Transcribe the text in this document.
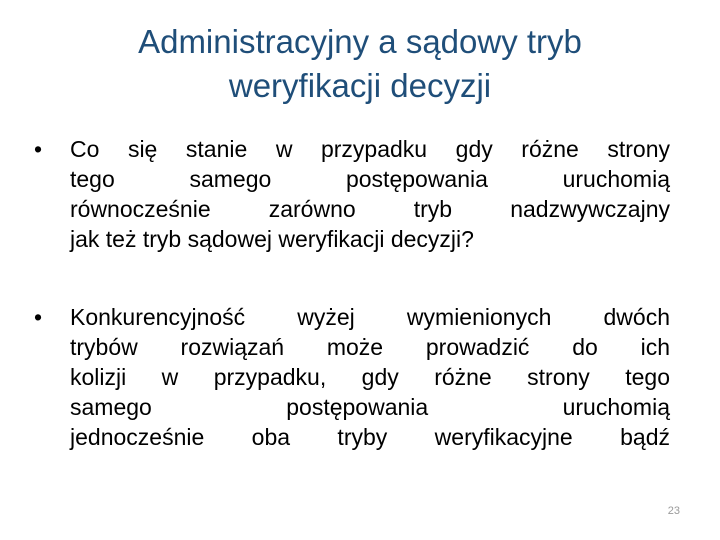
Administracyjny a sądowy tryb
weryfikacji decyzji
• Co się stanie w przypadku gdy różne strony
tego samego postępowania uruchomią
równocześnie zarówno tryb nadzwywczajny
jak też tryb sądowej weryfikacji decyzji?
• Konkurencyjność wyżej wymienionych dwóch
trybów rozwiązań może prowadzić do ich
kolizji w przypadku, gdy różne strony tego
samego postępowania uruchomią
jednocześnie oba tryby weryfikacyjne bądź
23
